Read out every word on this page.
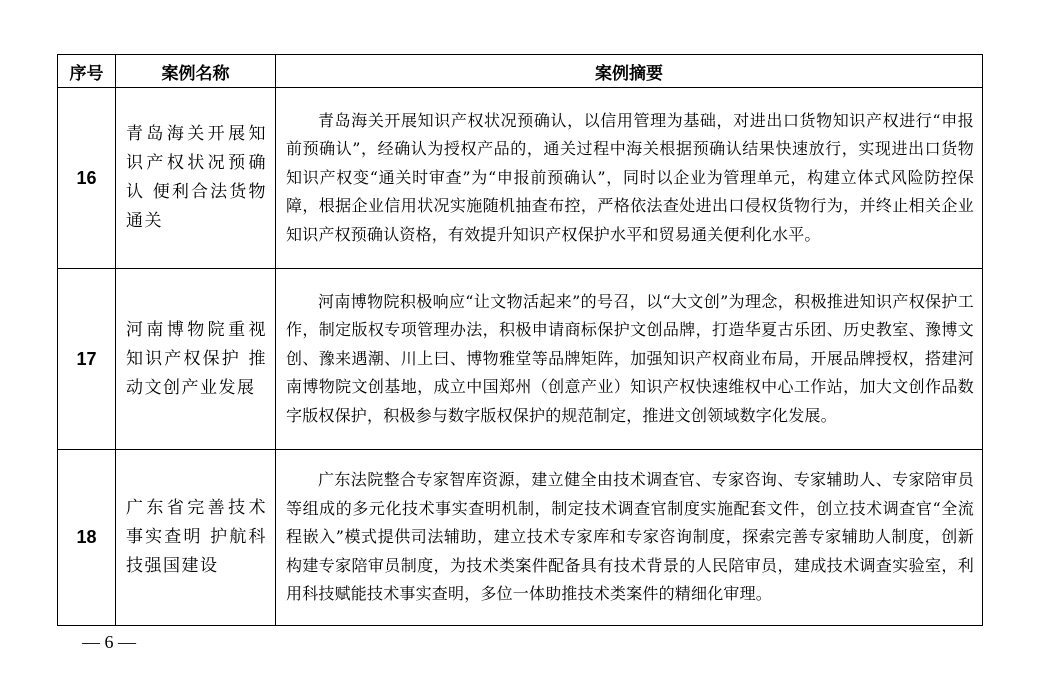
序号	案例名称	案例摘要
16	青岛海关开展知识产权状况预确认 便利合法货物通关	青岛海关开展知识产权状况预确认，以信用管理为基础，对进出口货物知识产权进行“申报前预确认”，经确认为授权产品的，通关过程中海关根据预确认结果快速放行，实现进出口货物知识产权变“通关时审查”为“申报前预确认”，同时以企业为管理单元，构建立体式风险防控保障，根据企业信用状况实施随机抽查布控，严格依法查处进出口侵权货物行为，并终止相关企业知识产权预确认资格，有效提升知识产权保护水平和贸易通关便利化水平。
17	河南博物院重视知识产权保护 推动文创产业发展	河南博物院积极响应“让文物活起来”的号召，以“大文创”为理念，积极推进知识产权保护工作，制定版权专项管理办法，积极申请商标保护文创品牌，打造华夏古乐团、历史教室、豫博文创、豫来遇潮、川上曰、博物雅堂等品牌矩阵，加强知识产权商业布局，开展品牌授权，搭建河南博物院文创基地，成立中国郑州（创意产业）知识产权快速维权中心工作站，加大文创作品数字版权保护，积极参与数字版权保护的规范制定，推进文创领域数字化发展。
18	广东省完善技术事实查明 护航科技强国建设	广东法院整合专家智库资源，建立健全由技术调查官、专家咨询、专家辅助人、专家陪审员等组成的多元化技术事实查明机制，制定技术调查官制度实施配套文件，创立技术调查官“全流程嵌入”模式提供司法辅助，建立技术专家库和专家咨询制度，探索完善专家辅助人制度，创新构建专家陪审员制度，为技术类案件配备具有技术背景的人民陪审员，建成技术调查实验室，利用科技赋能技术事实查明，多位一体助推技术类案件的精细化审理。
— 6 —
